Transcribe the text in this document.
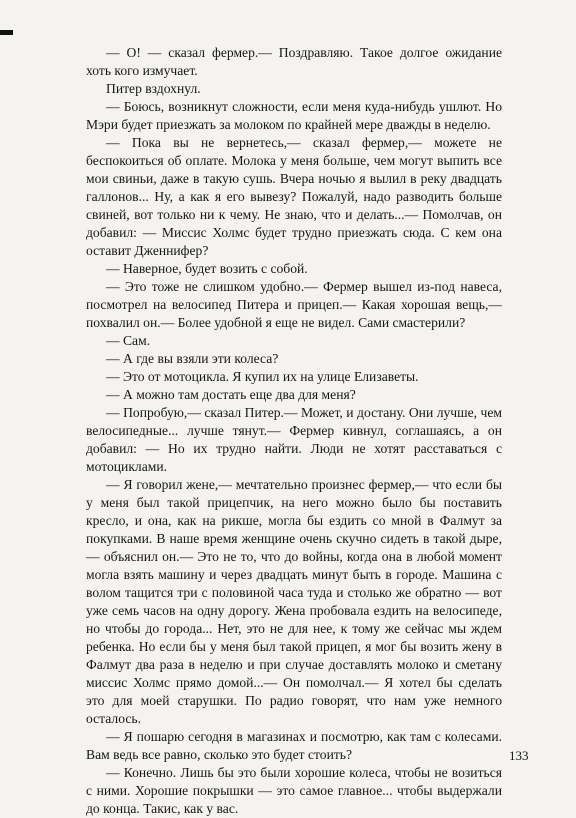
— О! — сказал фермер.— Поздравляю. Такое долгое ожидание хоть кого измучает.

Питер вздохнул.

— Боюсь, возникнут сложности, если меня куда-нибудь ушлют. Но Мэри будет приезжать за молоком по крайней мере дважды в неделю.

— Пока вы не вернетесь,— сказал фермер,— можете не беспокоиться об оплате. Молока у меня больше, чем могут выпить все мои свиньи, даже в такую сушь. Вчера ночью я вылил в реку двадцать галлонов... Ну, а как я его вывезу? Пожалуй, надо разводить больше свиней, вот только ни к чему. Не знаю, что и делать...— Помолчав, он добавил: — Миссис Холмс будет трудно приезжать сюда. С кем она оставит Дженнифер?

— Наверное, будет возить с собой.

— Это тоже не слишком удобно.— Фермер вышел из-под навеса, посмотрел на велосипед Питера и прицеп.— Какая хорошая вещь,— похвалил он.— Более удобной я еще не видел. Сами смастерили?

— Сам.

— А где вы взяли эти колеса?

— Это от мотоцикла. Я купил их на улице Елизаветы.

— А можно там достать еще два для меня?

— Попробую,— сказал Питер.— Может, и достану. Они лучше, чем велосипедные... лучше тянут.— Фермер кивнул, соглашаясь, а он добавил: — Но их трудно найти. Люди не хотят расставаться с мотоциклами.

— Я говорил жене,— мечтательно произнес фермер,— что если бы у меня был такой прицепчик, на него можно было бы поставить кресло, и она, как на рикше, могла бы ездить со мной в Фалмут за покупками. В наше время женщине очень скучно сидеть в такой дыре,— объяснил он.— Это не то, что до войны, когда она в любой момент могла взять машину и через двадцать минут быть в городе. Машина с волом тащится три с половиной часа туда и столько же обратно — вот уже семь часов на одну дорогу. Жена пробовала ездить на велосипеде, но чтобы до города... Нет, это не для нее, к тому же сейчас мы ждем ребенка. Но если бы у меня был такой прицеп, я мог бы возить жену в Фалмут два раза в неделю и при случае доставлять молоко и сметану миссис Холмс прямо домой...— Он помолчал.— Я хотел бы сделать это для моей старушки. По радио говорят, что нам уже немного осталось.

— Я пошарю сегодня в магазинах и посмотрю, как там с колесами. Вам ведь все равно, сколько это будет стоить?

— Конечно. Лишь бы это были хорошие колеса, чтобы не возиться с ними. Хорошие покрышки — это самое главное... чтобы выдержали до конца. Такис, как у вас.

133
